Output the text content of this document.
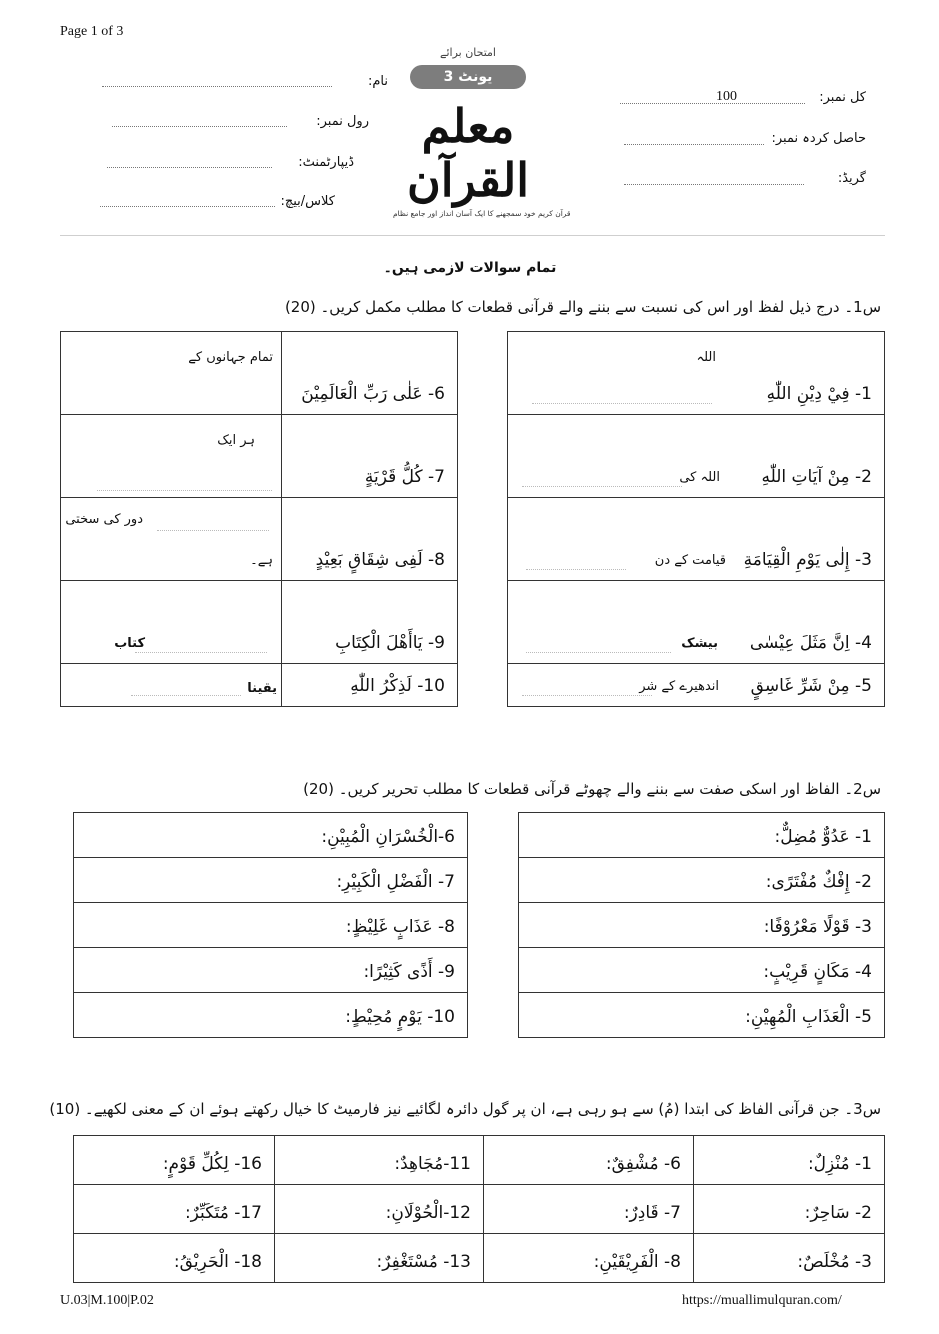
Page 1 of 3
نام:
رول نمبر:
ڈیپارٹمنٹ:
کلاس/بیچ:
امتحان برائے
یونٹ 3
معلم القرآن
قرآن کریم خود سمجھنے کا ایک آسان انداز اور جامع نظام
100	کل نمبر:
حاصل کردہ نمبر:
گریڈ:
تمام سوالات لازمی ہیں۔
س1۔ درج ذیل لفظ اور اس کی نسبت سے بننے والے قرآنی قطعات کا مطلب مکمل کریں۔ (20)
1- فِيْ دِيْنِ اللّٰهِ
اللہ

2- مِنْ آيَاتِ اللّٰهِ
اللہ کی

3- إِلٰى يَوْمِ الْقِيَامَةِ
قیامت کے دن

4- اِنَّ مَثَلَ عِيْسٰى
بیشک

5- مِنْ شَرِّ غَاسِقٍ
اندھیرے کے شر
تمام جہانوں کے	6- عَلٰى رَبِّ الْعَالَمِيْنَ

ہر ایک	7- كُلُّ قَرْيَةٍ

دور کی سختی
ہے۔	8- لَفِى شِقَاقٍ بَعِيْدٍ

کتاب	9- يَاأَهْلَ الْكِتَابِ

یقینا	10- لَذِكْرُ اللّٰهِ
س2۔ الفاظ اور اسکی صفت سے بننے والے چھوٹے قرآنی قطعات کا مطلب تحریر کریں۔ (20)
1- عَدُوٌّ مُضِلٌّ:

2- إِفْكٌ مُفْتَرًى:

3- قَوْلًا مَعْرُوْفًا:

4- مَكَانٍ قَرِيْبٍ:

5- الْعَذَابِ الْمُهِيْنِ:
6-الْخُسْرَانِ الْمُبِيْنِ:

7- الْفَضْلِ الْكَبِيْرِ:

8- عَذَابٍ غَلِيْظٍ:

9- أَذًى كَثِيْرًا:

10- يَوْمٍ مُحِيْطٍ:
س3۔ جن قرآنی الفاظ کی ابتدا (مُ) سے ہو رہی ہے، ان پر گول دائرہ لگائیے نیز فارمیٹ کا خیال رکھتے ہوئے ان کے معنی لکھیے۔ (10)
16- لِكُلِّ قَوْمٍ:	11-مُجَاهِدٌ:	6- مُشْفِقٌ:	1- مُنْزِلٌ:

17- مُتَكَبِّرٌ:	12-الْحُوْلَانِ:	7- قَادِرٌ:	2- سَاحِرٌ:

18- الْحَرِيْقُ:	13- مُسْتَغْفِرٌ:	8- الْفَرِيْقَيْنِ:	3- مُخْلَصٌ:
U.03|M.100|P.02	https://muallimulquran.com/
